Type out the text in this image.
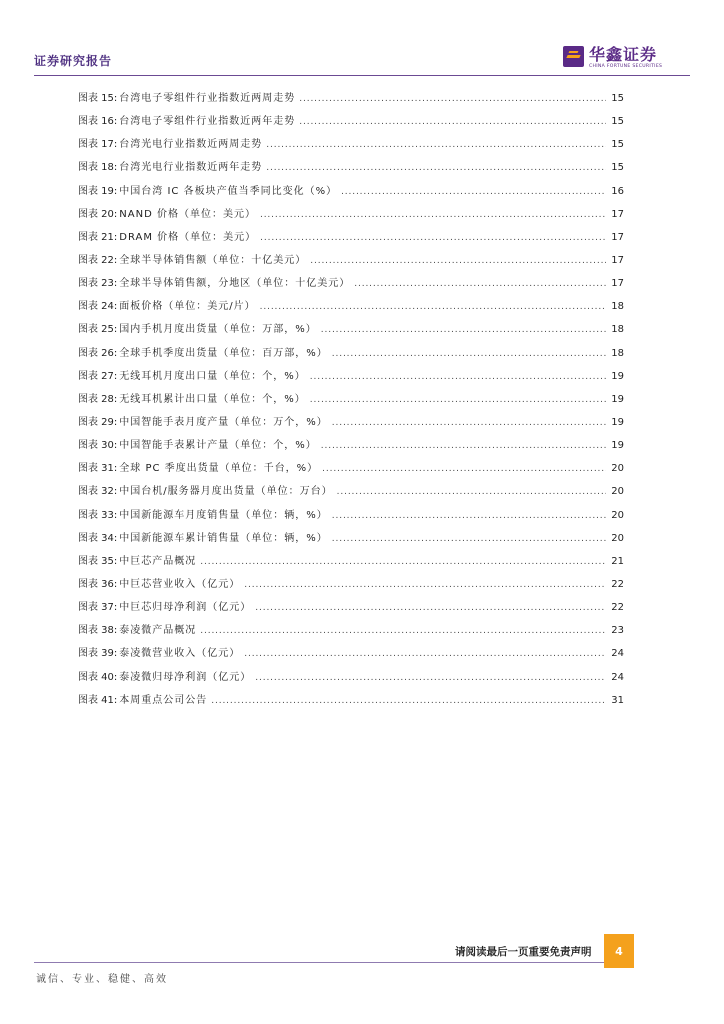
证券研究报告	华鑫证券
CHINA FORTUNE SECURITIES
图表 15: 台湾电子零组件行业指数近两周走势 . . .	15
图表 16: 台湾电子零组件行业指数近两年走势 . . .	15
图表 17: 台湾光电行业指数近两周走势 . . .	15
图表 18: 台湾光电行业指数近两年走势 . . .	15
图表 19: 中国台湾 IC 各板块产值当季同比变化（%） . . .	16
图表 20: NAND 价格（单位：美元） . . .	17
图表 21: DRAM 价格（单位：美元） . . .	17
图表 22: 全球半导体销售额（单位：十亿美元） . . .	17
图表 23: 全球半导体销售额，分地区（单位：十亿美元） . . .	17
图表 24: 面板价格（单位：美元/片） . . .	18
图表 25: 国内手机月度出货量（单位：万部，%） . . .	18
图表 26: 全球手机季度出货量（单位：百万部，%） . . .	18
图表 27: 无线耳机月度出口量（单位：个，%） . . .	19
图表 28: 无线耳机累计出口量（单位：个，%） . . .	19
图表 29: 中国智能手表月度产量（单位：万个，%） . . .	19
图表 30: 中国智能手表累计产量（单位：个，%） . . .	19
图表 31: 全球 PC 季度出货量（单位：千台，%） . . .	20
图表 32: 中国台机/服务器月度出货量（单位：万台） . . .	20
图表 33: 中国新能源车月度销售量（单位：辆，%） . . .	20
图表 34: 中国新能源车累计销售量（单位：辆，%） . . .	20
图表 35: 中巨芯产品概况 . . .	21
图表 36: 中巨芯营业收入（亿元） . . .	22
图表 37: 中巨芯归母净利润（亿元） . . .	22
图表 38: 泰凌微产品概况 . . .	23
图表 39: 泰凌微营业收入（亿元） . . .	24
图表 40: 泰凌微归母净利润（亿元） . . .	24
图表 41: 本周重点公司公告 . . .	31
请阅读最后一页重要免责声明	4
诚信、专业、稳健、高效
